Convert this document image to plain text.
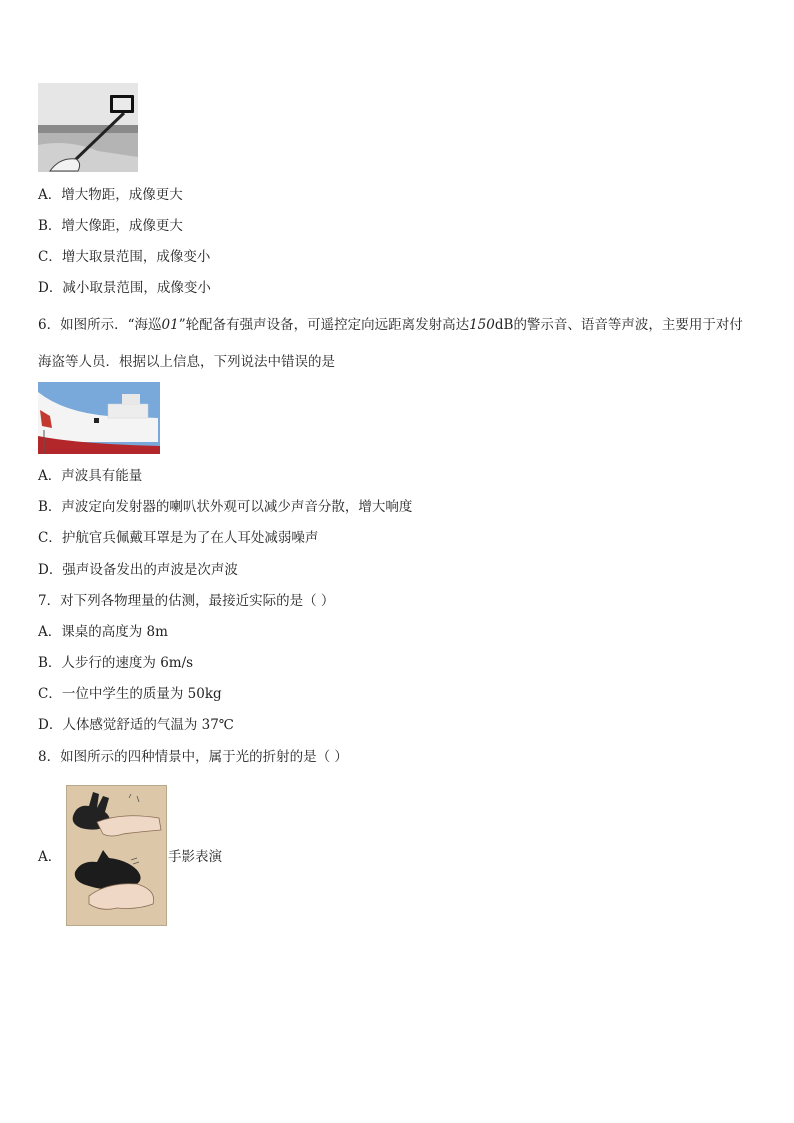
A．增大物距，成像更大
B．增大像距，成像更大
C．增大取景范围，成像变小
D．减小取景范围，成像变小
6．如图所示．“海巡01”轮配备有强声设备，可遥控定向远距离发射高达150dB的警示音、语音等声波，主要用于对付
海盗等人员．根据以上信息，下列说法中错误的是
A．声波具有能量
B．声波定向发射器的喇叭状外观可以减少声音分散，增大响度
C．护航官兵佩戴耳罩是为了在人耳处减弱噪声
D．强声设备发出的声波是次声波
7．对下列各物理量的估测，最接近实际的是（ ）
A．课桌的高度为 8m
B．人步行的速度为 6m/s
C．一位中学生的质量为 50kg
D．人体感觉舒适的气温为 37℃
8．如图所示的四种情景中，属于光的折射的是（ ）
A．	手影表演
